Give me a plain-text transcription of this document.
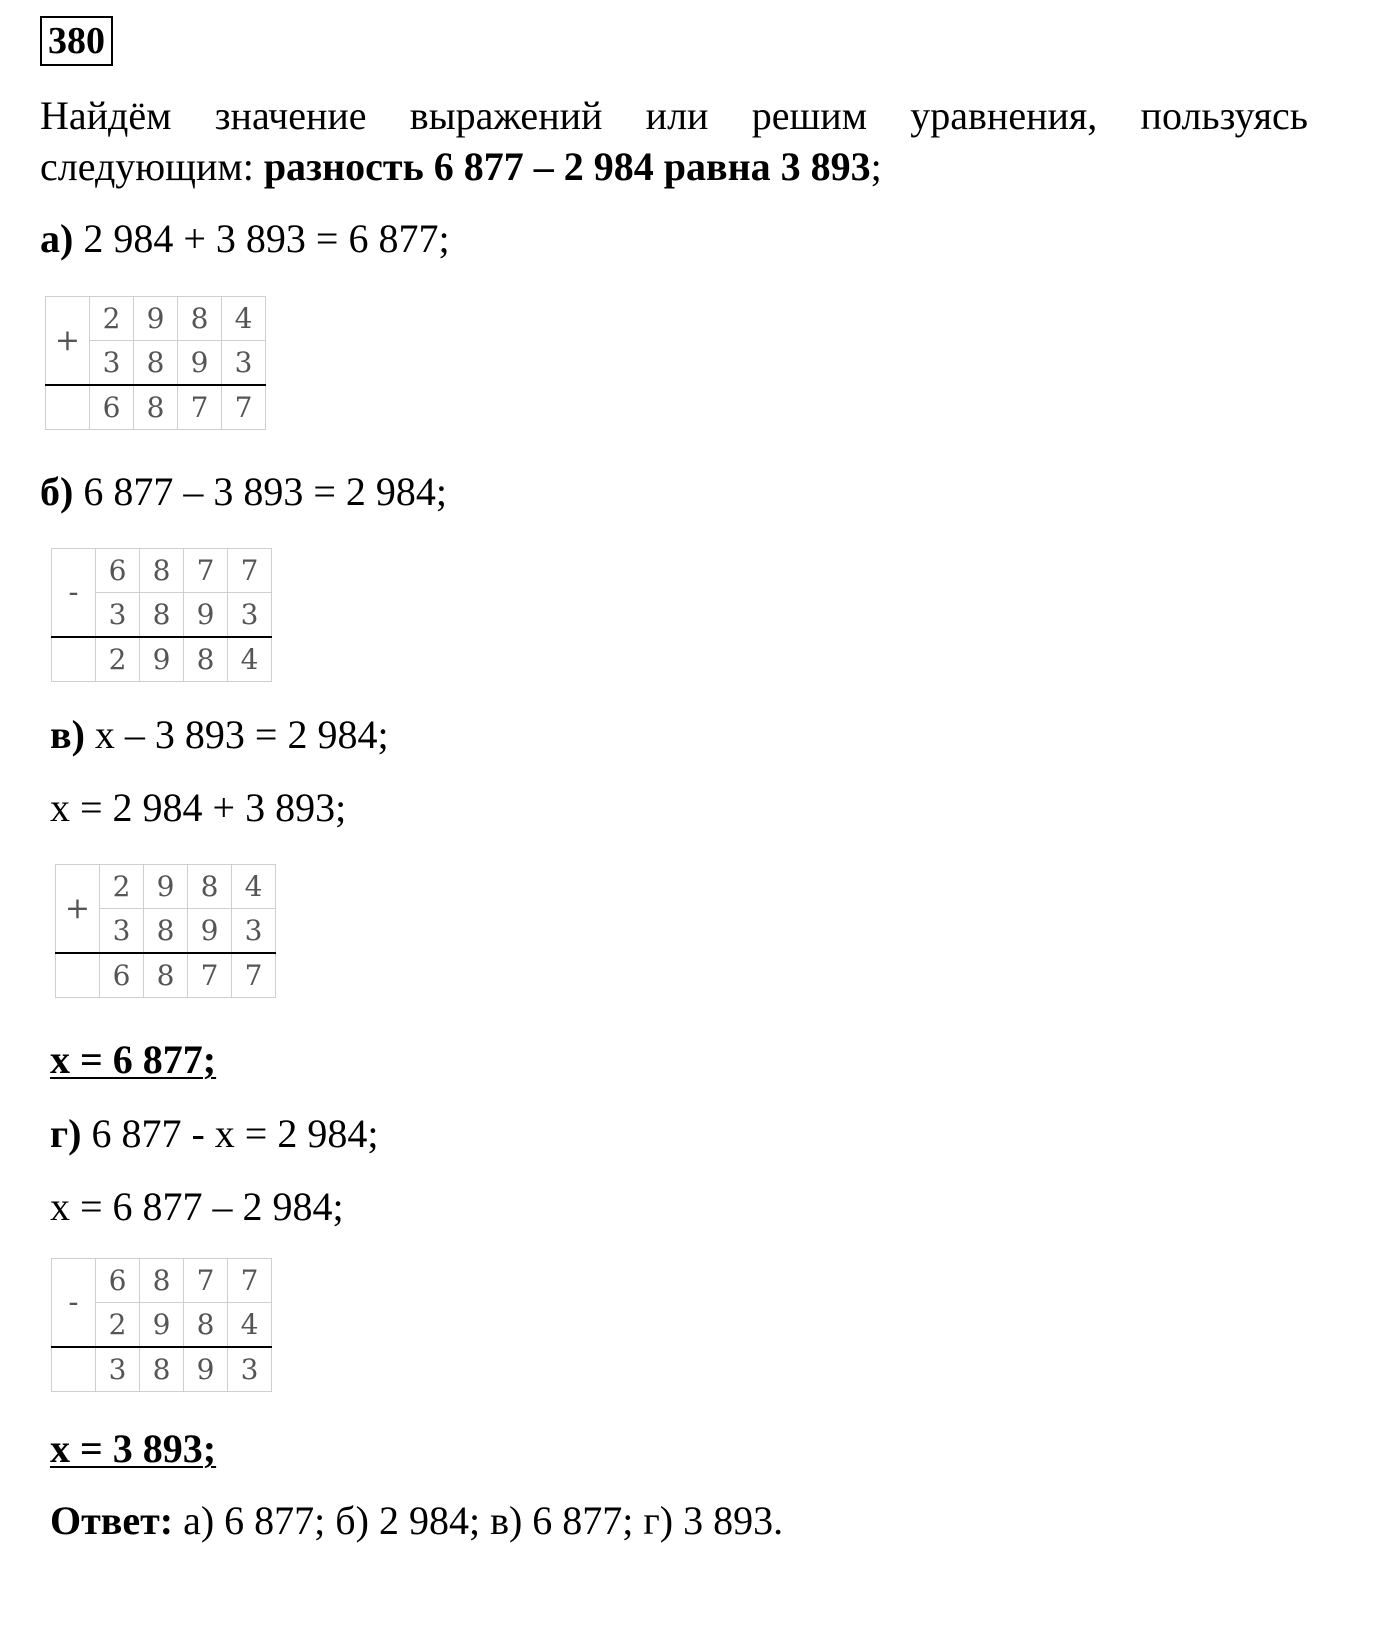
380
Найдём значение выражений или решим уравнения, пользуясь
следующим: разность 6 877 – 2 984 равна 3 893;
а) 2 984 + 3 893 = 6 877;
+	2	9	8	4
	3	8	9	3
	6	8	7	7
б) 6 877 – 3 893 = 2 984;
-	6	8	7	7
	3	8	9	3
	2	9	8	4
в) х – 3 893 = 2 984;
х = 2 984 + 3 893;
+	2	9	8	4
	3	8	9	3
	6	8	7	7
х = 6 877;
г) 6 877 - х = 2 984;
х = 6 877 – 2 984;
-	6	8	7	7
	2	9	8	4
	3	8	9	3
х = 3 893;
Ответ: а) 6 877; б) 2 984; в) 6 877; г) 3 893.
